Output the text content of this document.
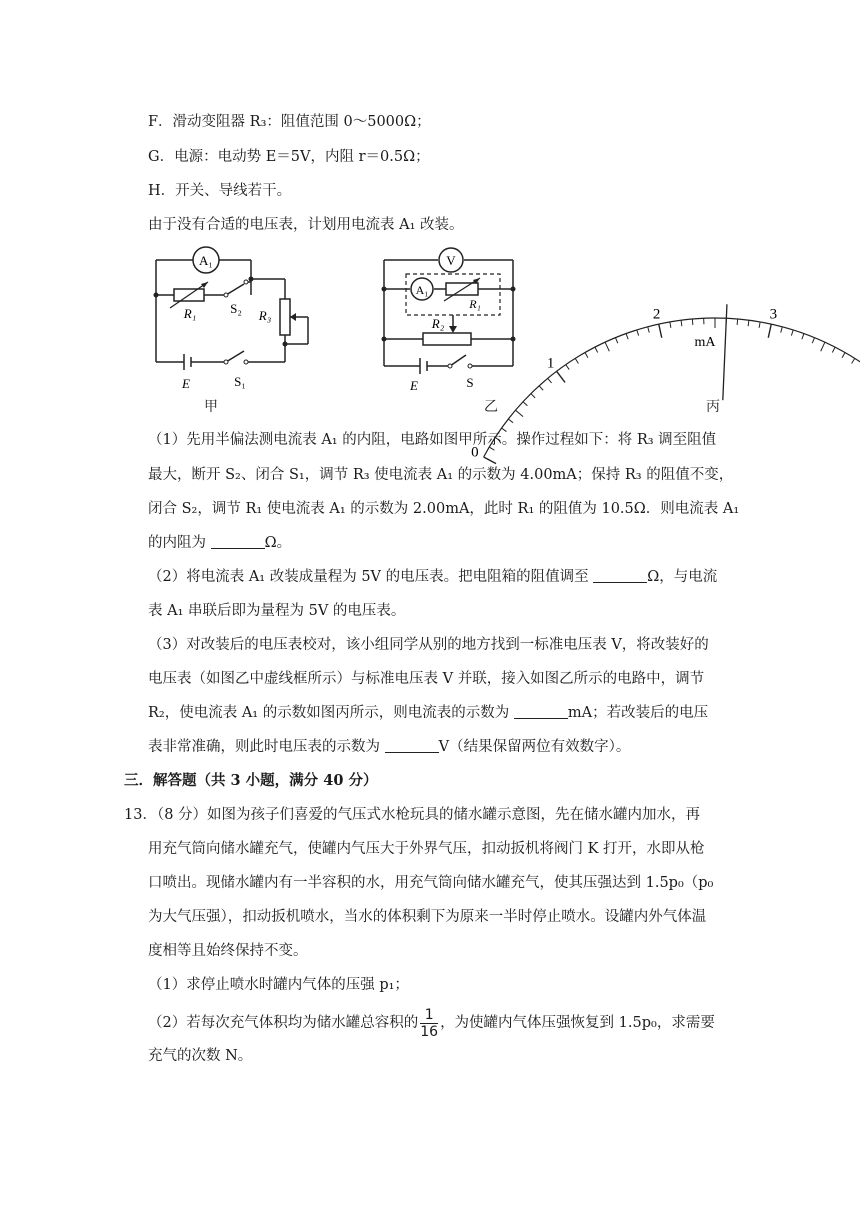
F．滑动变阻器 R₃：阻值范围 0～5000Ω；
G．电源：电动势 E＝5V，内阻 r＝0.5Ω；
H．开关、导线若干。
由于没有合适的电压表，计划用电流表 A₁ 改装。
A₁
R₁	S₂ R₃
E	S₁
甲
V
A₁
R₁
R₂
E	S
乙
0
1
2	3
mA
丙
（1）先用半偏法测电流表 A₁ 的内阻，电路如图甲所示。操作过程如下：将 R₃ 调至阻值
最大，断开 S₂、闭合 S₁，调节 R₃ 使电流表 A₁ 的示数为 4.00mA；保持 R₃ 的阻值不变，
闭合 S₂，调节 R₁ 使电流表 A₁ 的示数为 2.00mA，此时 R₁ 的阻值为 10.5Ω．则电流表 A₁
的内阻为	Ω。
（2）将电流表 A₁ 改装成量程为 5V 的电压表。把电阻箱的阻值调至	Ω，与电流
表 A₁ 串联后即为量程为 5V 的电压表。
（3）对改装后的电压表校对，该小组同学从别的地方找到一标准电压表 V，将改装好的
电压表（如图乙中虚线框所示）与标准电压表 V 并联，接入如图乙所示的电路中，调节
R₂，使电流表 A₁ 的示数如图丙所示，则电流表的示数为	mA；若改装后的电压
表非常准确，则此时电压表的示数为	V（结果保留两位有效数字）。
三．解答题（共 3 小题，满分 40 分）
13．（8 分）如图为孩子们喜爱的气压式水枪玩具的储水罐示意图，先在储水罐内加水，再
用充气筒向储水罐充气，使罐内气压大于外界气压，扣动扳机将阀门 K 打开，水即从枪
口喷出。现储水罐内有一半容积的水，用充气筒向储水罐充气，使其压强达到 1.5p₀（p₀
为大气压强），扣动扳机喷水，当水的体积剩下为原来一半时停止喷水。设罐内外气体温
度相等且始终保持不变。
（1）求停止喷水时罐内气体的压强 p₁；
（2）若每次充气体积均为储水罐总容积的 $\frac{1}{16}$ ，为使罐内气体压强恢复到 1.5p₀，求需要
充气的次数 N。
